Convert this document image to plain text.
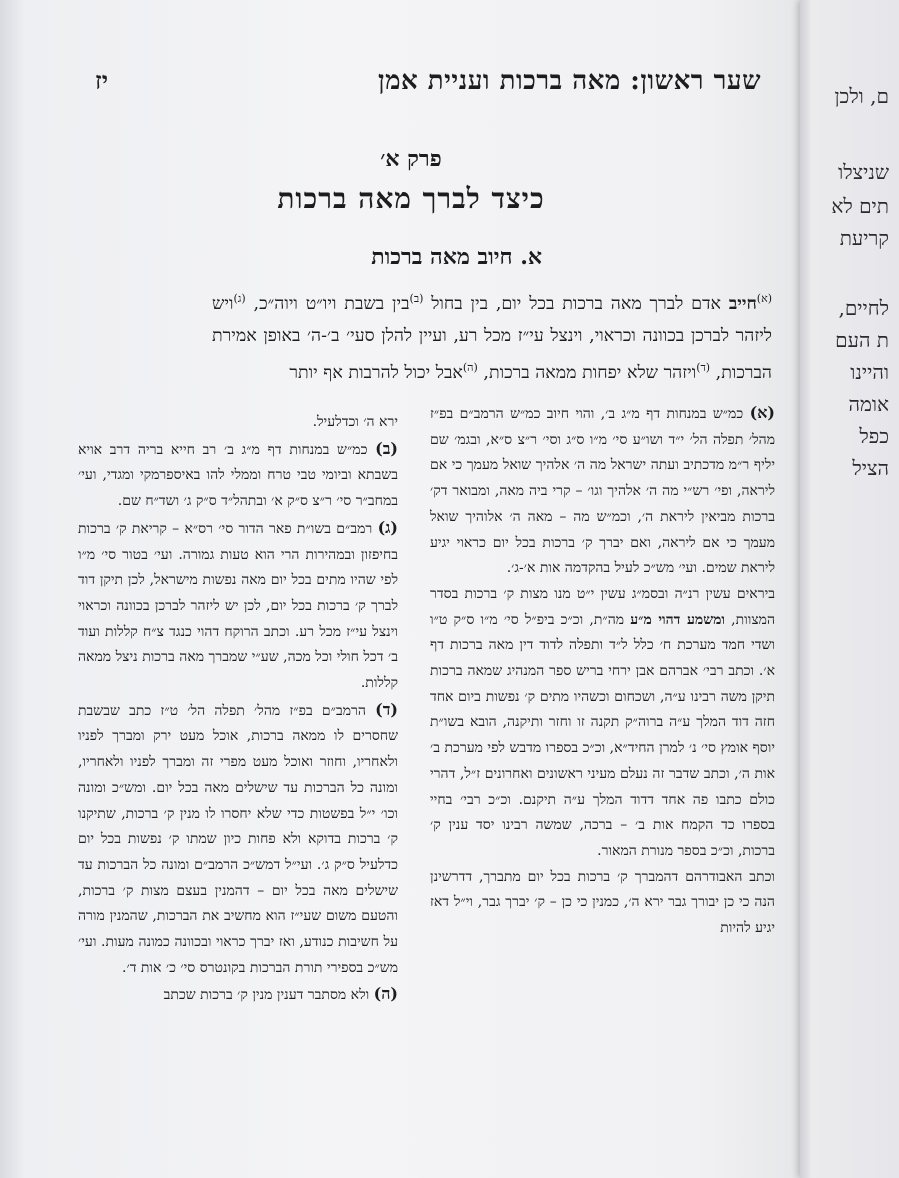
שער ראשון: מאה ברכות ועניית אמן
יז
פרק א׳
כיצד לברך מאה ברכות
א. חיוב מאה ברכות
$^{(א)}$חייב אדם לברך מאה ברכות בכל יום, בין בחול $^{(ב)}$בין בשבת ויו״ט ויוה״כ, $^{(ג)}$ויש ליזהר לברכן בכוונה וכראוי, וינצל עי״ז מכל רע, ועיין להלן סעי׳ ב׳-ה׳ באופן אמירת הברכות, $^{(ד)}$ויזהר שלא יפחות ממאה ברכות, $^{(ה)}$אבל יכול להרבות אף יותר

(א) כמ״ש במנחות דף מ״ג ב׳, והוי חיוב כמ״ש הרמב״ם בפ״ז מהל׳ תפלה הל׳ י״ד ושו״ע סי׳ מ״ו ס״ג וסי׳ ר״צ ס״א, ובגמ׳ שם יליף ר״מ מדכתיב ועתה ישראל מה ה׳ אלהיך שואל מעמך כי אם ליראה, ופי׳ רש״י מה ה׳ אלהיך וגו׳ – קרי ביה מאה, ומבואר דק׳ ברכות מביאין ליראת ה׳, וכמ״ש מה – מאה ה׳ אלוהיך שואל מעמך כי אם ליראה, ואם יברך ק׳ ברכות בכל יום כראוי יגיע ליראת שמים. ועי׳ מש״כ לעיל בהקדמה אות א׳-ג׳.

ביראים עשין רנ״ה ובסמ״ג עשין י״ט מנו מצות ק׳ ברכות בסדר המצוות, ומשמע דהוי מ״ע מה״ת, וכ״כ ביפ״ל סי׳ מ״ו ס״ק ט״ו ושדי חמד מערכת ח׳ כלל ל״ד ותפלה לדוד דין מאה ברכות דף א׳. וכתב רבי׳ אברהם אבן ירחי בריש ספר המנהיג שמאה ברכות תיקן משה רבינו ע״ה, ושכחום וכשהיו מתים ק׳ נפשות ביום אחד חזה דוד המלך ע״ה ברוה״ק תקנה זו וחזר ותיקנה, הובא בשו״ת יוסף אומץ סי׳ נ׳ למרן החיד״א, וכ״כ בספרו מדבש לפי מערכת ב׳ אות ה׳, וכתב שדבר זה נעלם מעיני ראשונים ואחרונים ז״ל, דהרי כולם כתבו פה אחד דדוד המלך ע״ה תיקנם. וכ״כ רבי׳ בחיי בספרו כד הקמח אות ב׳ – ברכה, שמשה רבינו יסד ענין ק׳ ברכות, וכ״כ בספר מנורת המאור.

וכתב האבודרהם דהמברך ק׳ ברכות בכל יום מתברך, דדרשינן הנה כי כן יבורך גבר ירא ה׳, כמנין כי כן – ק׳ יברך גבר, וי״ל דאז יגיע להיות

ירא ה׳ וכדלעיל.

(ב) כמ״ש במנחות דף מ״ג ב׳ רב חייא בריה דרב אויא בשבתא וביומי טבי טרח וממלי להו באיספרמקי ומגדי, ועי׳ במחב״ר סי׳ ר״צ ס״ק א׳ ובתהל״ד ס״ק ג׳ ושד״ח שם.

(ג) רמב״ם בשו״ת פאר הדור סי׳ רס״א – קריאת ק׳ ברכות בחיפזון ובמהירות הרי הוא טעות גמורה. ועי׳ בטור סי׳ מ״ו לפי שהיו מתים בכל יום מאה נפשות מישראל, לכן תיקן דוד לברך ק׳ ברכות בכל יום, לכן יש ליזהר לברכן בכוונה וכראוי וינצל עי״ז מכל רע. וכתב הרוקח דהוי כנגד צ״ח קללות ועוד ב׳ דכל חולי וכל מכה, שע״י שמברך מאה ברכות ניצל ממאה קללות.

(ד) הרמב״ם בפ״ז מהל׳ תפלה הל׳ ט״ז כתב שבשבת שחסרים לו ממאה ברכות, אוכל מעט ירק ומברך לפניו ולאחריו, וחוזר ואוכל מעט מפרי זה ומברך לפניו ולאחריו, ומונה כל הברכות עד שישלים מאה בכל יום. ומש״כ ומונה וכו׳ י״ל בפשטות כדי שלא יחסרו לו מנין ק׳ ברכות, שתיקנו ק׳ ברכות בדוקא ולא פחות כיון שמתו ק׳ נפשות בכל יום כדלעיל ס״ק ג׳. ועי״ל דמש״כ הרמב״ם ומונה כל הברכות עד שישלים מאה בכל יום – דהמנין בעצם מצות ק׳ ברכות, והטעם משום שעי״ז הוא מחשיב את הברכות, שהמנין מורה על חשיבות כנודע, ואז יברך כראוי ובכוונה כמונה מעות. ועי׳ מש״כ בספירי תורת הברכות בקונטרס סי׳ כ׳ אות ד׳.

(ה) ולא מסתבר דענין מנין ק׳ ברכות שכתב

ם, ולכן
שניצלו
תים לא
קריעת
לחיים,
ת העם
והיינו
אומה
כפל
הציל
